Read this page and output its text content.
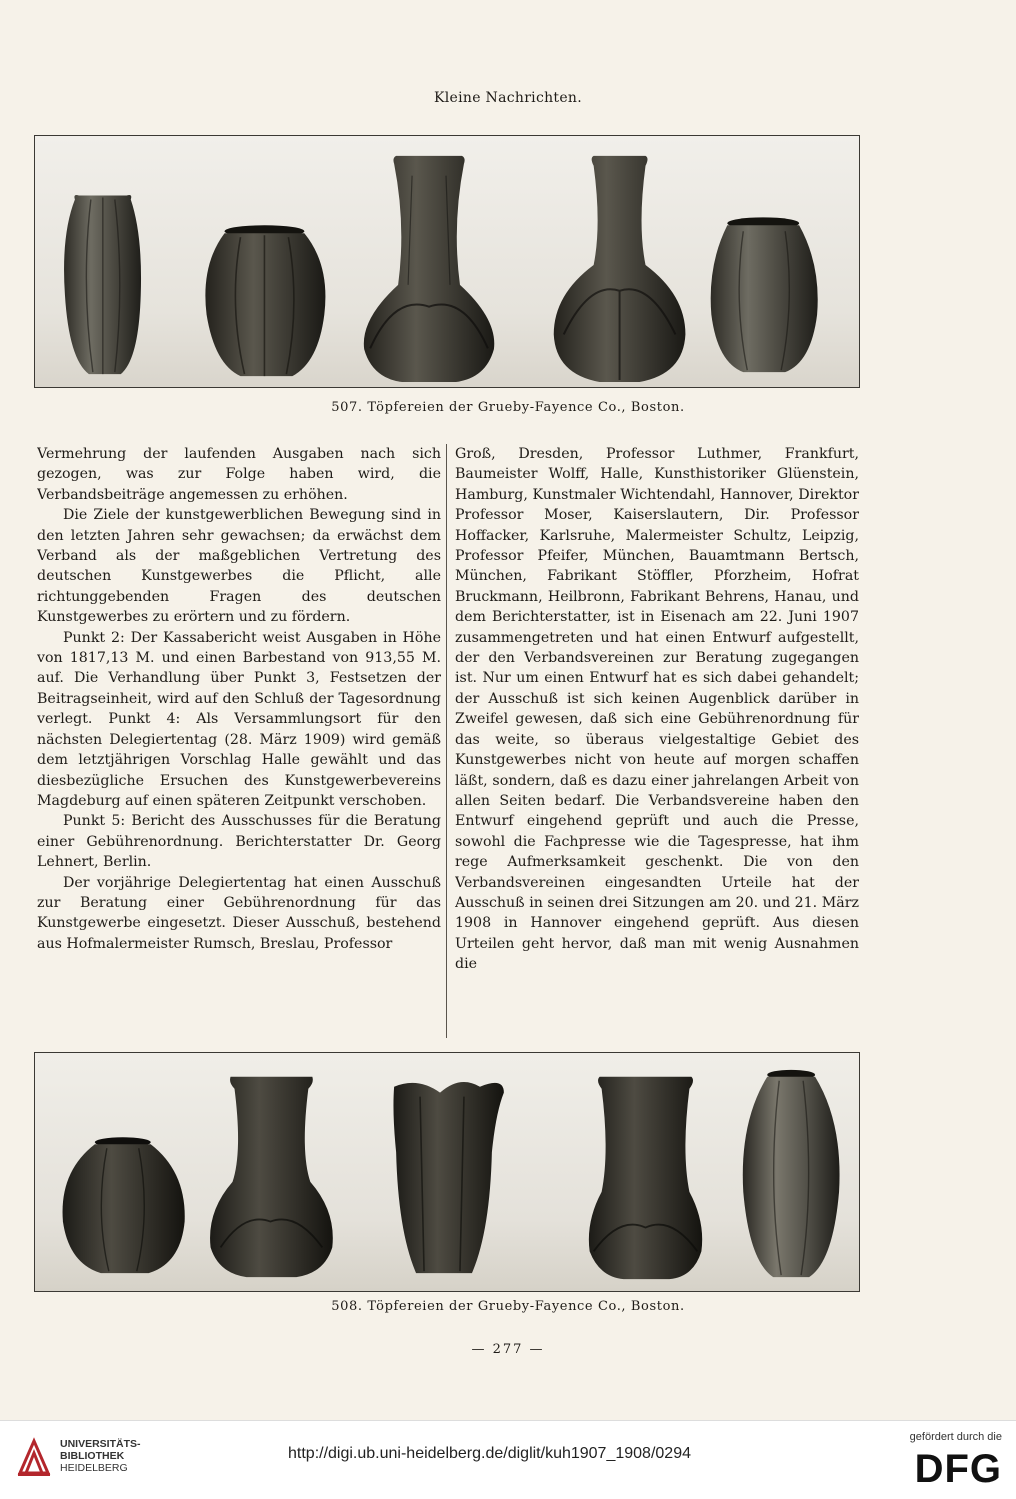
Kleine Nachrichten.
507. Töpfereien der Grueby-Fayence Co., Boston.

Vermehrung der laufenden Ausgaben nach sich gezogen, was zur Folge haben wird, die Verbandsbeiträge angemessen zu erhöhen.

Die Ziele der kunstgewerblichen Bewegung sind in den letzten Jahren sehr gewachsen; da erwächst dem Verband als der maßgeblichen Vertretung des deutschen Kunstgewerbes die Pflicht, alle richtunggebenden Fragen des deutschen Kunstgewerbes zu erörtern und zu fördern.

Punkt 2: Der Kassabericht weist Ausgaben in Höhe von 1817,13 M. und einen Barbestand von 913,55 M. auf. Die Verhandlung über Punkt 3, Festsetzen der Beitragseinheit, wird auf den Schluß der Tagesordnung verlegt. Punkt 4: Als Versammlungsort für den nächsten Delegiertentag (28. März 1909) wird gemäß dem letztjährigen Vorschlag Halle gewählt und das diesbezügliche Ersuchen des Kunstgewerbevereins Magdeburg auf einen späteren Zeitpunkt verschoben.

Punkt 5: Bericht des Ausschusses für die Beratung einer Gebührenordnung. Berichterstatter Dr. Georg Lehnert, Berlin.

Der vorjährige Delegiertentag hat einen Ausschuß zur Beratung einer Gebührenordnung für das Kunstgewerbe eingesetzt. Dieser Ausschuß, bestehend aus Hofmalermeister Rumsch, Breslau, Professor

Groß, Dresden, Professor Luthmer, Frankfurt, Baumeister Wolff, Halle, Kunsthistoriker Glüenstein, Hamburg, Kunstmaler Wichtendahl, Hannover, Direktor Professor Moser, Kaiserslautern, Dir. Professor Hoffacker, Karlsruhe, Malermeister Schultz, Leipzig, Professor Pfeifer, München, Bauamtmann Bertsch, München, Fabrikant Stöffler, Pforzheim, Hofrat Bruckmann, Heilbronn, Fabrikant Behrens, Hanau, und dem Berichterstatter, ist in Eisenach am 22. Juni 1907 zusammengetreten und hat einen Entwurf aufgestellt, der den Verbandsvereinen zur Beratung zugegangen ist. Nur um einen Entwurf hat es sich dabei gehandelt; der Ausschuß ist sich keinen Augenblick darüber in Zweifel gewesen, daß sich eine Gebührenordnung für das weite, so überaus vielgestaltige Gebiet des Kunstgewerbes nicht von heute auf morgen schaffen läßt, sondern, daß es dazu einer jahrelangen Arbeit von allen Seiten bedarf. Die Verbandsvereine haben den Entwurf eingehend geprüft und auch die Presse, sowohl die Fachpresse wie die Tagespresse, hat ihm rege Aufmerksamkeit geschenkt. Die von den Verbandsvereinen eingesandten Urteile hat der Ausschuß in seinen drei Sitzungen am 20. und 21. März 1908 in Hannover eingehend geprüft. Aus diesen Urteilen geht hervor, daß man mit wenig Ausnahmen die

508. Töpfereien der Grueby-Fayence Co., Boston.
— 277 —
UNIVERSITÄTS-
BIBLIOTHEK
HEIDELBERG
http://digi.ub.uni-heidelberg.de/diglit/kuh1907_1908/0294
gefördert durch die
DFG
